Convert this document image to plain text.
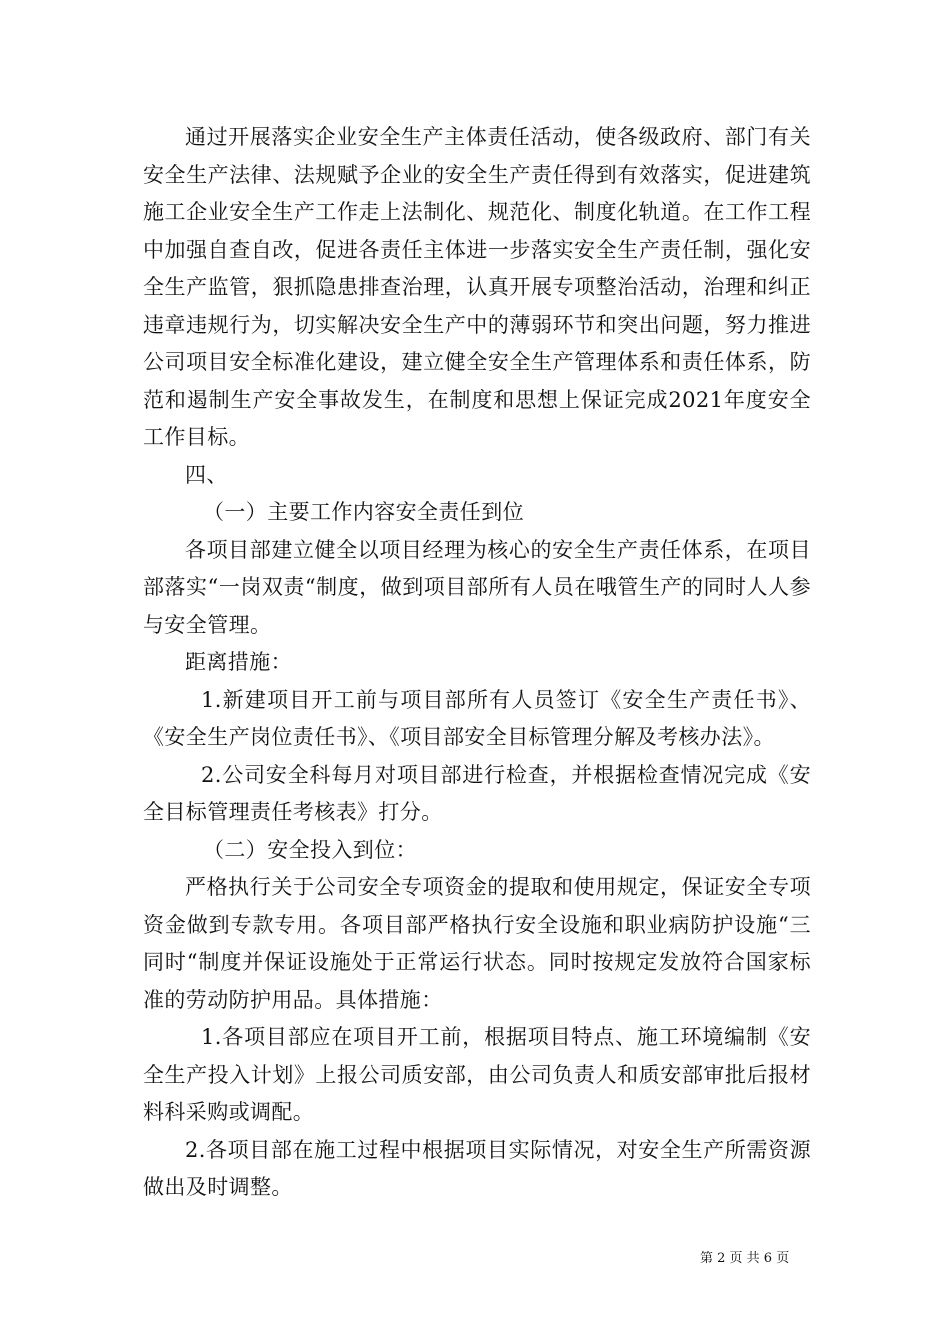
通过开展落实企业安全生产主体责任活动，使各级政府、部门有关安全生产法律、法规赋予企业的安全生产责任得到有效落实，促进建筑施工企业安全生产工作走上法制化、规范化、制度化轨道。在工作工程中加强自查自改，促进各责任主体进一步落实安全生产责任制，强化安全生产监管，狠抓隐患排查治理，认真开展专项整治活动，治理和纠正违章违规行为，切实解决安全生产中的薄弱环节和突出问题，努力推进公司项目安全标准化建设，建立健全安全生产管理体系和责任体系，防范和遏制生产安全事故发生，在制度和思想上保证完成2021年度安全工作目标。

四、

（一）主要工作内容安全责任到位

各项目部建立健全以项目经理为核心的安全生产责任体系，在项目部落实“一岗双责“制度，做到项目部所有人员在哦管生产的同时人人参与安全管理。

距离措施：

1.新建项目开工前与项目部所有人员签订《安全生产责任书》、《安全生产岗位责任书》、《项目部安全目标管理分解及考核办法》。

2.公司安全科每月对项目部进行检查，并根据检查情况完成《安全目标管理责任考核表》打分。

（二）安全投入到位：

严格执行关于公司安全专项资金的提取和使用规定，保证安全专项资金做到专款专用。各项目部严格执行安全设施和职业病防护设施“三同时“制度并保证设施处于正常运行状态。同时按规定发放符合国家标准的劳动防护用品。具体措施：

1.各项目部应在项目开工前，根据项目特点、施工环境编制《安全生产投入计划》上报公司质安部，由公司负责人和质安部审批后报材料科采购或调配。

2.各项目部在施工过程中根据项目实际情况，对安全生产所需资源做出及时调整。

第 2 页 共 6 页
